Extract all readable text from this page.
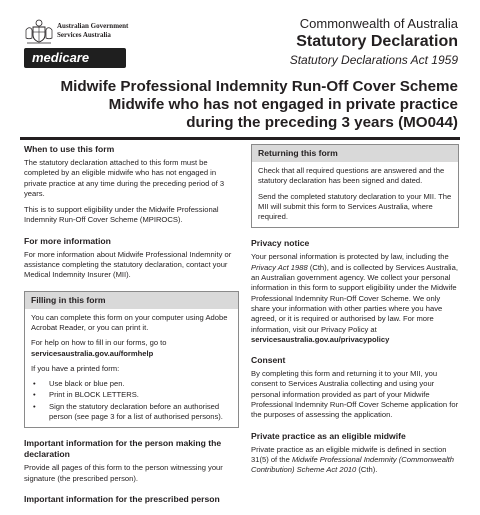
Australian Government
Services Australia
medicare
Commonwealth of Australia
Statutory Declaration
Statutory Declarations Act 1959
Midwife Professional Indemnity Run-Off Cover Scheme
Midwife who has not engaged in private practice
during the preceding 3 years (MO044)
When to use this form

The statutory declaration attached to this form must be completed by an eligible midwife who has not engaged in private practice at any time during the preceding period of 3 years.

This is to support eligibility under the Midwife Professional Indemnity Run-Off Cover Scheme (MPIROCS).

For more information

For more information about Midwife Professional Indemnity or assistance completing the statutory declaration, contact your Medical Indemnity Insurer (MII).

Filling in this form

You can complete this form on your computer using Adobe Acrobat Reader, or you can print it.

For help on how to fill in our forms, go to
servicesaustralia.gov.au/formhelp

If you have a printed form:

• Use black or blue pen.
• Print in BLOCK LETTERS.
• Sign the statutory declaration before an authorised person (see page 3 for a list of authorised persons).
Important information for the person making the declaration

Provide all pages of this form to the person witnessing your signature (the prescribed person).

Important information for the prescribed person
Returning this form

Check that all required questions are answered and the statutory declaration has been signed and dated.

Send the completed statutory declaration to your MII. The MII will submit this form to Services Australia, where required.

Privacy notice

Your personal information is protected by law, including the Privacy Act 1988 (Cth), and is collected by Services Australia, an Australian government agency. We collect your personal information in this form to support eligibility under the Midwife Professional Indemnity Run-Off Cover Scheme. We only share your information with other parties where you have agreed, or it is required or authorised by law. For more information, visit our Privacy Policy at
servicesaustralia.gov.au/privacypolicy

Consent

By completing this form and returning it to your MII, you consent to Services Australia collecting and using your personal information provided as part of your Midwife Professional Indemnity Run-Off Cover Scheme application for the purposes of assessing the application.

Private practice as an eligible midwife

Private practice as an eligible midwife is defined in section 31(5) of the Midwife Professional Indemnity (Commonwealth Contribution) Scheme Act 2010 (Cth).
